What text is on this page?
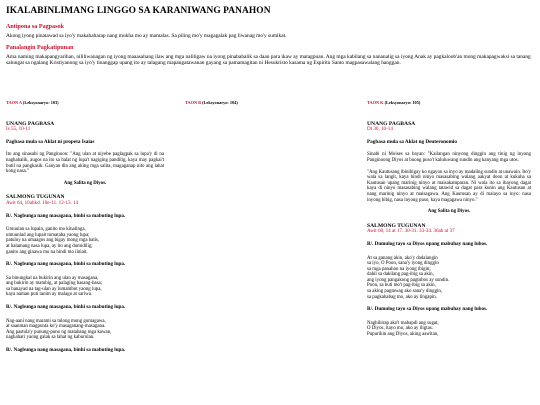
IKALABINLIMANG LINGGO SA KARANIWANG PANAHON
Antipona sa Pagpasok
Akong iyong pinatawad sa iyo'y makahaharap nang mukha mo ay mamalas. Sa piling mo'y magagalak pag liwanag mo'y sumikat.
Panalangin Pagkatipunan
Ama naming makapangyarihan, nililiwanagan ng iyong maaasahang ilaw ang mga naliligaw na iyong pinababalik sa daan para ikaw ay matagpuan. Ang mga kabilang sa nananalig sa iyong Anak ay pagkaloob'an mong makapagwaksi sa tanang salungat sa ngalang Kristiyanong sa iyo'y tinanggap upang ito ay talagang mapangatawanan gayang sa pamamagitan ni Hesukristo kasama ng Espiritu Santo magpasawalang hanggan.
TAON A (Leksyonaryo: 103)
UNANG PAGBASA
Is 55, 10-11
Pagbasa mula sa Aklat ni propeta Isaias
Ito ang sinasabi ng Panginoon: "Ang ulan at niyebe paglagpak sa lupa'y di na naghahalik, augos na ito sa balat ng lupa't nagiging pandilig, kaya may pagkai't butil na pangkasik. Ganyan din ang aking mga salita, magaganap nito ang lahat kong nasa."
Ang Salita ng Diyos.
SALMONG TUGUNAN
Awit 64, 10abkd. 10e-11. 12-13. 14
R/. Nagbunga nang masagana, binhi sa mabuting lupa.
Umuulan sa lupain, ganito mo kinalinga,
umuunlad ang lupait tumataba yaong lupa;
patuloy na umaagos ang bigay mong mga batis,
at halamang nasa lupa, ay ito ang dumidilig;
ganito ang ginawa mo na hindi mo iiniait.
R/. Nagbunga nang masagana, binhi sa mabuting lupa.
Sa binungkal na bukirin ang ulan ay masagana,
ang bukirin ay matubig, at palaging basang-basa;
sa banayad na tag-ulan ay lumambot yaong lupa,
kaya naman puti tanim ay malago at sariwa.
R/. Nagbunga nang masagana, binhi sa mabuting lupa.
Nag-aani nang marami sa tulong mong gumagawa,
at saanman magpunta ko'y masaganang-masagana.
Ang pastula'y punung-puno ng matabang mga kawan,
naghahari yaong galak sa lahat ng kaburulan.
R/. Nagbunga nang masagana, binhi sa mabuting lupa.
TAON B (Leksyonaryo: 104)	TAON K (Leksyonaryo: 105)
UNANG PAGBASA
Dt 30, 10-14
Pagbasa mula sa Aklat ng Deuteronomio
Sinabi ni Moises sa bayan: "Kailangan ninyong dinggin ang tinig ng inyong Panginoong Diyos at buong puso't kaluluwang sundin ang kanyang mga utos.
"Ang Kautusang ibinibigay ko ngayon sa inyo ay madaling sundin at unawain. Ito'y wala sa langit, kaya hindi ninyo masasabing walang aakyat doon at kukuha sa Kautusan upang marinig ninyo at maisakatuparan. Ni wala ito sa ibayong dagat kaya di ninyo masasabing walang tatawid sa dagat para kunin ang Kautusan at nang marinig ninyo at maisagawa. Ang Kautusan ay di malayo sa inyo: nasa inyong bibig, nasa inyong puso, kaya magagawa ninyo."
Ang Salita ng Diyos.
SALMONG TUGUNAN
Awit 68, 14 at 17. 30-31. 33-34. 36ab at 37
R/. Dumulog tayo sa Diyos upang mabuhay nang lubos.
At sa ganang akin, ako'y dadalangin
sa iyo, O Poon, sana'y iyong dinggin
sa mga panahon na iyong ibigin;
dahil sa dakilang pag-ibig sa akin,
ang iyong pangakong pagtubos ay sundin.
Poon, sa buti mo't pag-ibig sa akin,
sa aking pagtawag ako sana'y dinggin,
sa pagkahabag mo, ako ay lingapin.
R/. Dumulog tayo sa Diyos upang mabuhay nang lubos.
Naghihirap ako't mabapdi ang sugat,
O Diyos, itayo mo, ako ay iligtas.
Pupurihin ang Diyos, aking aawitan,
